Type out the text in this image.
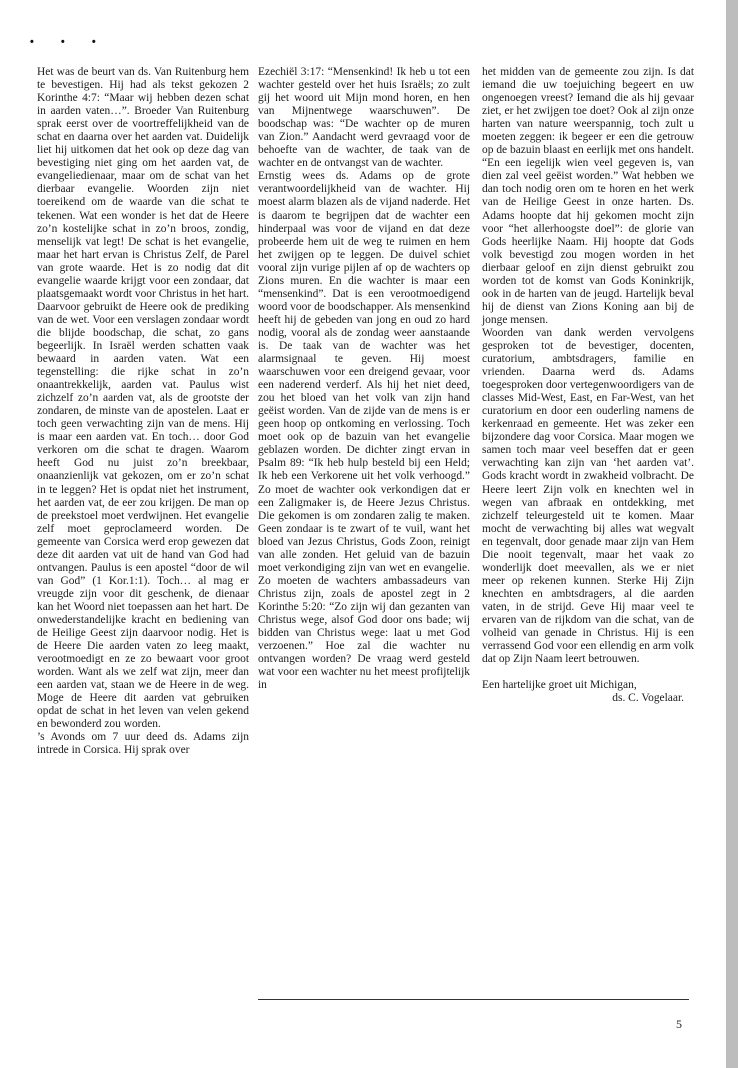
• • •

Het was de beurt van ds. Van Ruitenburg hem te bevestigen. Hij had als tekst gekozen 2 Korinthe 4:7: “Maar wij hebben dezen schat in aarden vaten…”. Broeder Van Ruitenburg sprak eerst over de voortreffelijkheid van de schat en daarna over het aarden vat. Duidelijk liet hij uitkomen dat het ook op deze dag van bevestiging niet ging om het aarden vat, de evangeliedienaar, maar om de schat van het dierbaar evangelie. Woorden zijn niet toereikend om de waarde van die schat te tekenen. Wat een wonder is het dat de Heere zo’n kostelijke schat in zo’n broos, zondig, menselijk vat legt! De schat is het evangelie, maar het hart ervan is Christus Zelf, de Parel van grote waarde. Het is zo nodig dat dit evangelie waarde krijgt voor een zondaar, dat plaatsgemaakt wordt voor Christus in het hart. Daarvoor gebruikt de Heere ook de prediking van de wet. Voor een verslagen zondaar wordt die blijde boodschap, die schat, zo gans begeerlijk. In Israël werden schatten vaak bewaard in aarden vaten. Wat een tegenstelling: die rijke schat in zo’n onaantrekkelijk, aarden vat. Paulus wist zichzelf zo’n aarden vat, als de grootste der zondaren, de minste van de apostelen. Laat er toch geen verwachting zijn van de mens. Hij is maar een aarden vat. En toch… door God verkoren om die schat te dragen. Waarom heeft God nu juist zo’n breekbaar, onaanzienlijk vat gekozen, om er zo’n schat in te leggen? Het is opdat niet het instrument, het aarden vat, de eer zou krijgen. De man op de preekstoel moet verdwijnen. Het evangelie zelf moet geproclameerd worden. De gemeente van Corsica werd erop gewezen dat deze dit aarden vat uit de hand van God had ontvangen. Paulus is een apostel “door de wil van God” (1 Kor.1:1). Toch… al mag er vreugde zijn voor dit geschenk, de dienaar kan het Woord niet toepassen aan het hart. De onwederstandelijke kracht en bediening van de Heilige Geest zijn daarvoor nodig. Het is de Heere Die aarden vaten zo leeg maakt, verootmoedigt en ze zo bewaart voor groot worden. Want als we zelf wat zijn, meer dan een aarden vat, staan we de Heere in de weg. Moge de Heere dit aarden vat gebruiken opdat de schat in het leven van velen gekend en bewonderd zou worden.

’s Avonds om 7 uur deed ds. Adams zijn intrede in Corsica. Hij sprak over

Ezechiël 3:17: “Mensenkind! Ik heb u tot een wachter gesteld over het huis Israëls; zo zult gij het woord uit Mijn mond horen, en hen van Mijnentwege waarschuwen”. De boodschap was: “De wachter op de muren van Zion.” Aandacht werd gevraagd voor de behoefte van de wachter, de taak van de wachter en de ontvangst van de wachter.

Ernstig wees ds. Adams op de grote verantwoordelijkheid van de wachter. Hij moest alarm blazen als de vijand naderde. Het is daarom te begrijpen dat de wachter een hinderpaal was voor de vijand en dat deze probeerde hem uit de weg te ruimen en hem het zwijgen op te leggen. De duivel schiet vooral zijn vurige pijlen af op de wachters op Zions muren. En die wachter is maar een “mensenkind”. Dat is een verootmoedigend woord voor de boodschapper. Als mensenkind heeft hij de gebeden van jong en oud zo hard nodig, vooral als de zondag weer aanstaande is. De taak van de wachter was het alarmsignaal te geven. Hij moest waarschuwen voor een dreigend gevaar, voor een naderend verderf. Als hij het niet deed, zou het bloed van het volk van zijn hand geëist worden. Van de zijde van de mens is er geen hoop op ontkoming en verlossing. Toch moet ook op de bazuin van het evangelie geblazen worden. De dichter zingt ervan in Psalm 89: “Ik heb hulp besteld bij een Held; Ik heb een Verkorene uit het volk verhoogd.” Zo moet de wachter ook verkondigen dat er een Zaligmaker is, de Heere Jezus Christus. Die gekomen is om zondaren zalig te maken. Geen zondaar is te zwart of te vuil, want het bloed van Jezus Christus, Gods Zoon, reinigt van alle zonden. Het geluid van de bazuin moet verkondiging zijn van wet en evangelie. Zo moeten de wachters ambassadeurs van Christus zijn, zoals de apostel zegt in 2 Korinthe 5:20: “Zo zijn wij dan gezanten van Christus wege, alsof God door ons bade; wij bidden van Christus wege: laat u met God verzoenen.” Hoe zal die wachter nu ontvangen worden? De vraag werd gesteld wat voor een wachter nu het meest profijtelijk in

het midden van de gemeente zou zijn. Is dat iemand die uw toejuiching begeert en uw ongenoegen vreest? Iemand die als hij gevaar ziet, er het zwijgen toe doet? Ook al zijn onze harten van nature weerspannig, toch zult u moeten zeggen: ik begeer er een die getrouw op de bazuin blaast en eerlijk met ons handelt. “En een iegelijk wien veel gegeven is, van dien zal veel geëist worden.” Wat hebben we dan toch nodig oren om te horen en het werk van de Heilige Geest in onze harten. Ds. Adams hoopte dat hij gekomen mocht zijn voor “het allerhoogste doel”: de glorie van Gods heerlijke Naam. Hij hoopte dat Gods volk bevestigd zou mogen worden in het dierbaar geloof en zijn dienst gebruikt zou worden tot de komst van Gods Koninkrijk, ook in de harten van de jeugd. Hartelijk beval hij de dienst van Zions Koning aan bij de jonge mensen.

Woorden van dank werden vervolgens gesproken tot de bevestiger, docenten, curatorium, ambtsdragers, familie en vrienden. Daarna werd ds. Adams toegesproken door vertegenwoordigers van de classes Mid-West, East, en Far-West, van het curatorium en door een ouderling namens de kerkenraad en gemeente. Het was zeker een bijzondere dag voor Corsica. Maar mogen we samen toch maar veel beseffen dat er geen verwachting kan zijn van ‘het aarden vat’. Gods kracht wordt in zwakheid volbracht. De Heere leert Zijn volk en knechten wel in wegen van afbraak en ontdekking, met zichzelf teleurgesteld uit te komen. Maar mocht de verwachting bij alles wat wegvalt en tegenvalt, door genade maar zijn van Hem Die nooit tegenvalt, maar het vaak zo wonderlijk doet meevallen, als we er niet meer op rekenen kunnen. Sterke Hij Zijn knechten en ambtsdragers, al die aarden vaten, in de strijd. Geve Hij maar veel te ervaren van de rijkdom van die schat, van de volheid van genade in Christus. Hij is een verrassend God voor een ellendig en arm volk dat op Zijn Naam leert betrouwen.

Een hartelijke groet uit Michigan,

ds. C. Vogelaar.

5
